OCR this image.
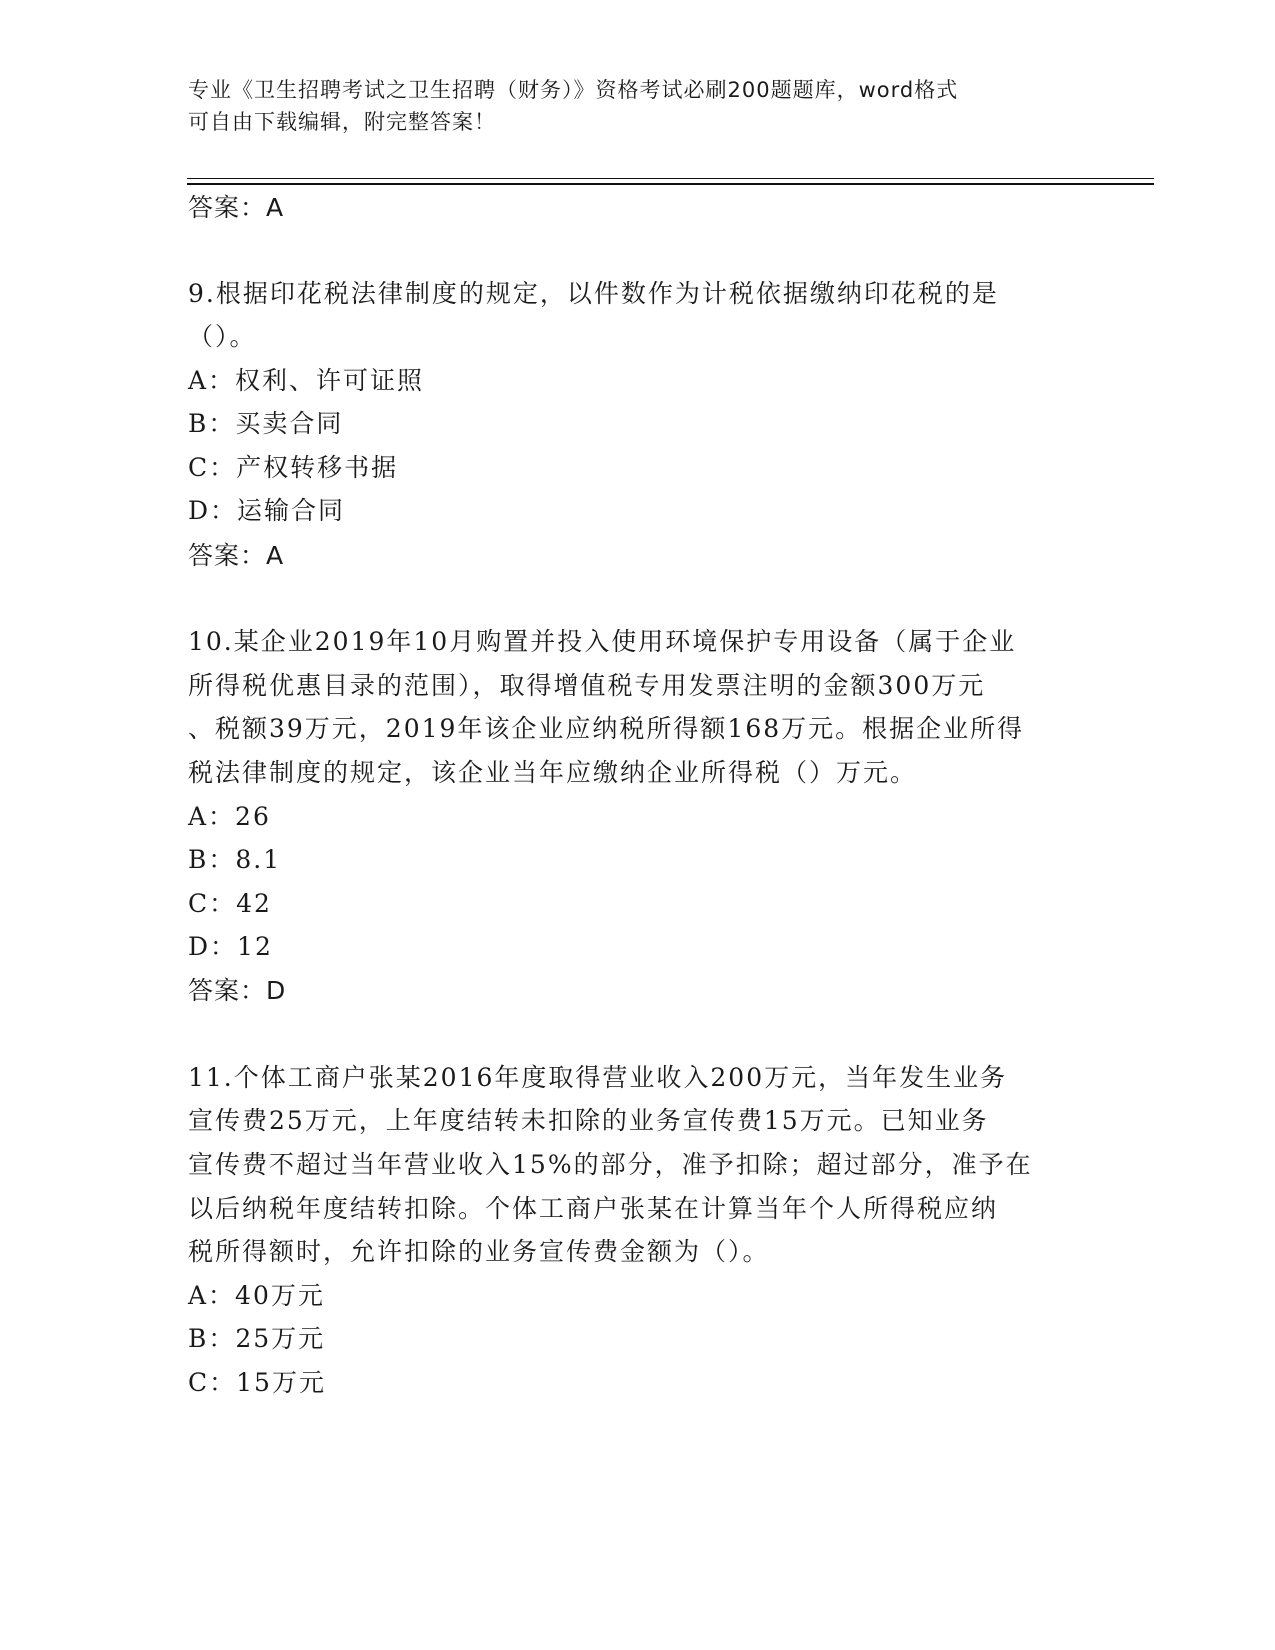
专业《卫生招聘考试之卫生招聘（财务）》资格考试必刷200题题库，word格式
可自由下载编辑，附完整答案！
答案：A
9.根据印花税法律制度的规定，以件数作为计税依据缴纳印花税的是
（）。
A：权利、许可证照
B：买卖合同
C：产权转移书据
D：运输合同
答案：A
10.某企业2019年10月购置并投入使用环境保护专用设备（属于企业
所得税优惠目录的范围），取得增值税专用发票注明的金额300万元
、税额39万元，2019年该企业应纳税所得额168万元。根据企业所得
税法律制度的规定，该企业当年应缴纳企业所得税（）万元。
A：26
B：8.1
C：42
D：12
答案：D
11.个体工商户张某2016年度取得营业收入200万元，当年发生业务
宣传费25万元，上年度结转未扣除的业务宣传费15万元。已知业务
宣传费不超过当年营业收入15%的部分，准予扣除；超过部分，准予在
以后纳税年度结转扣除。个体工商户张某在计算当年个人所得税应纳
税所得额时，允许扣除的业务宣传费金额为（）。
A：40万元
B：25万元
C：15万元
